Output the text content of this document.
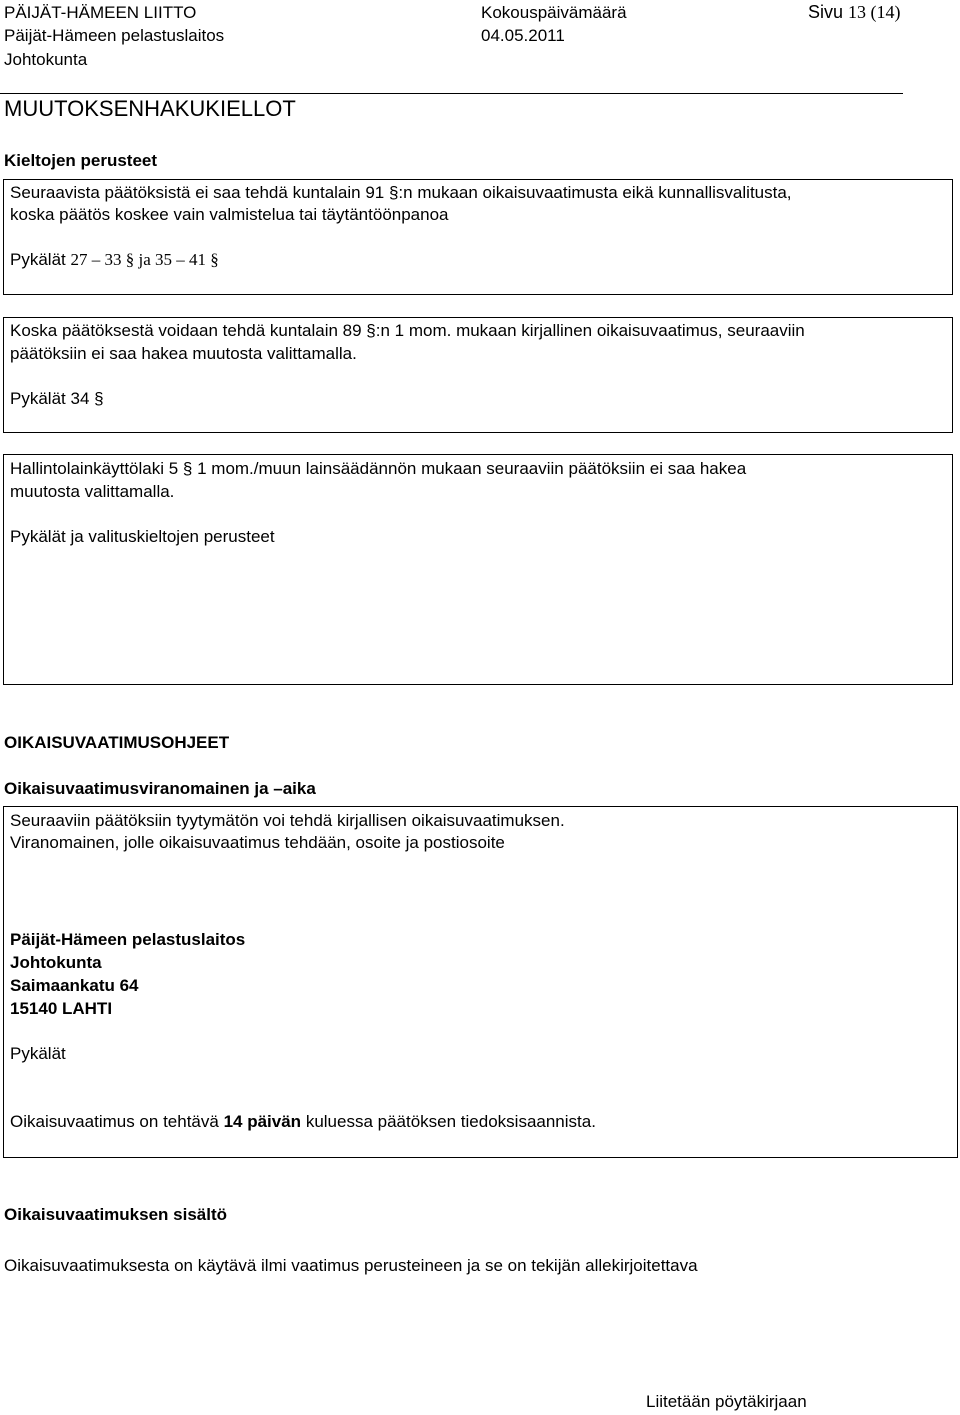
PÄIJÄT-HÄMEEN LIITTO
Päijät-Hämeen pelastuslaitos
Johtokunta
Kokouspäivämäärä
04.05.2011
Sivu 13 (14)
MUUTOKSENHAKUKIELLOT
Kieltojen perusteet
Seuraavista päätöksistä ei saa tehdä kuntalain 91 §:n mukaan oikaisuvaatimusta eikä kunnallisvalitusta,
koska päätös koskee vain valmistelua tai täytäntöönpanoa
Pykälät 27 – 33 § ja 35 – 41 §
Koska päätöksestä voidaan tehdä kuntalain 89 §:n 1 mom. mukaan kirjallinen oikaisuvaatimus, seuraaviin
päätöksiin ei saa hakea muutosta valittamalla.
Pykälät 34 §
Hallintolainkäyttölaki 5 § 1 mom./muun lainsäädännön mukaan seuraaviin päätöksiin ei saa hakea
muutosta valittamalla.
Pykälät ja valituskieltojen perusteet
OIKAISUVAATIMUSOHJEET
Oikaisuvaatimusviranomainen ja –aika
Seuraaviin päätöksiin tyytymätön voi tehdä kirjallisen oikaisuvaatimuksen.
Viranomainen, jolle oikaisuvaatimus tehdään, osoite ja postiosoite
Päijät-Hämeen pelastuslaitos
Johtokunta
Saimaankatu 64
15140 LAHTI
Pykälät
Oikaisuvaatimus on tehtävä 14 päivän kuluessa päätöksen tiedoksisaannista.
Oikaisuvaatimuksen sisältö
Oikaisuvaatimuksesta on käytävä ilmi vaatimus perusteineen ja se on tekijän allekirjoitettava
Liitetään pöytäkirjaan
